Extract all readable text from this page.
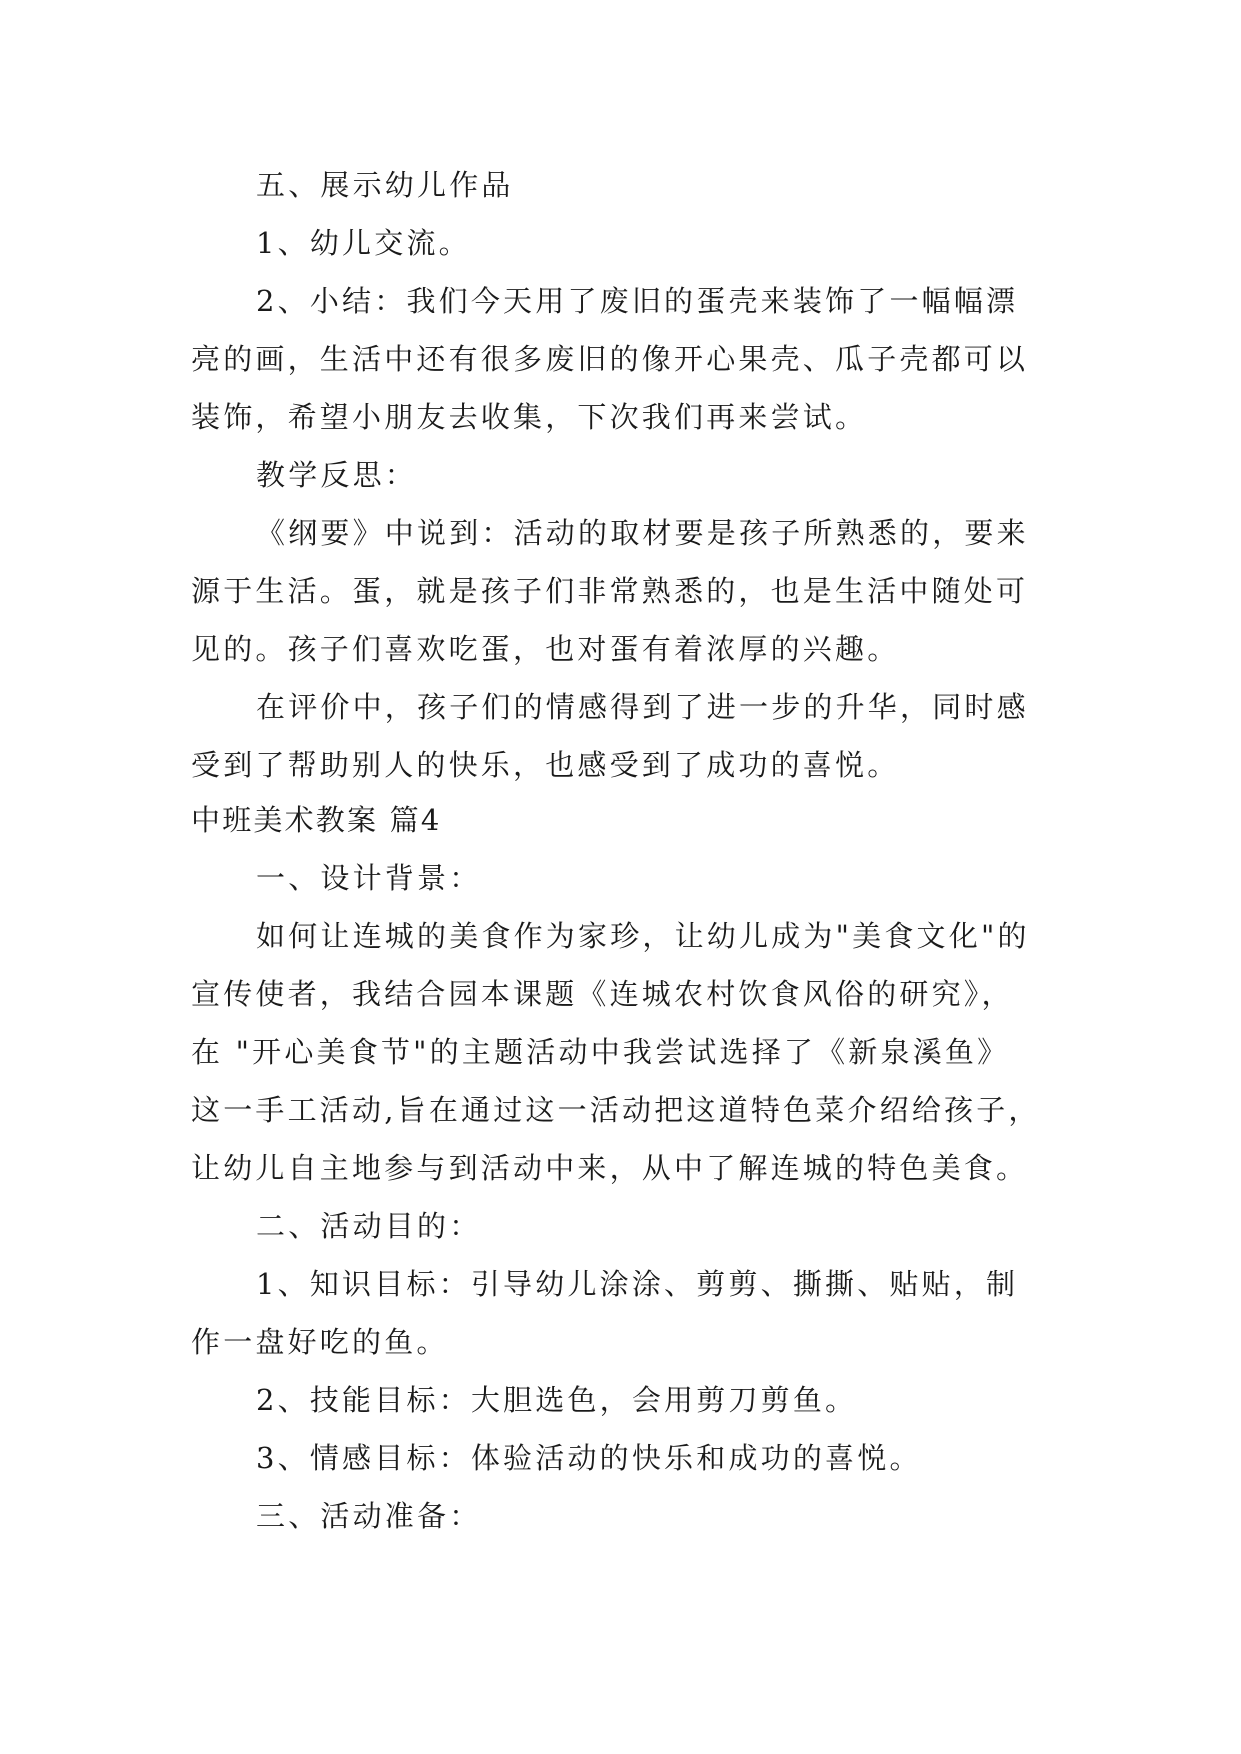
五、展示幼儿作品
1、幼儿交流。
2、小结：我们今天用了废旧的蛋壳来装饰了一幅幅漂
亮的画，生活中还有很多废旧的像开心果壳、瓜子壳都可以
装饰，希望小朋友去收集，下次我们再来尝试。
教学反思：
《纲要》中说到：活动的取材要是孩子所熟悉的，要来
源于生活。蛋，就是孩子们非常熟悉的，也是生活中随处可
见的。孩子们喜欢吃蛋，也对蛋有着浓厚的兴趣。
在评价中，孩子们的情感得到了进一步的升华，同时感
受到了帮助别人的快乐，也感受到了成功的喜悦。
中班美术教案 篇4
一、设计背景：
如何让连城的美食作为家珍，让幼儿成为"美食文化"的
宣传使者，我结合园本课题《连城农村饮食风俗的研究》，
在 "开心美食节"的主题活动中我尝试选择了《新泉溪鱼》
这一手工活动,旨在通过这一活动把这道特色菜介绍给孩子，
让幼儿自主地参与到活动中来，从中了解连城的特色美食。
二、活动目的：
1、知识目标：引导幼儿涂涂、剪剪、撕撕、贴贴，制
作一盘好吃的鱼。
2、技能目标：大胆选色，会用剪刀剪鱼。
3、情感目标：体验活动的快乐和成功的喜悦。
三、活动准备：
